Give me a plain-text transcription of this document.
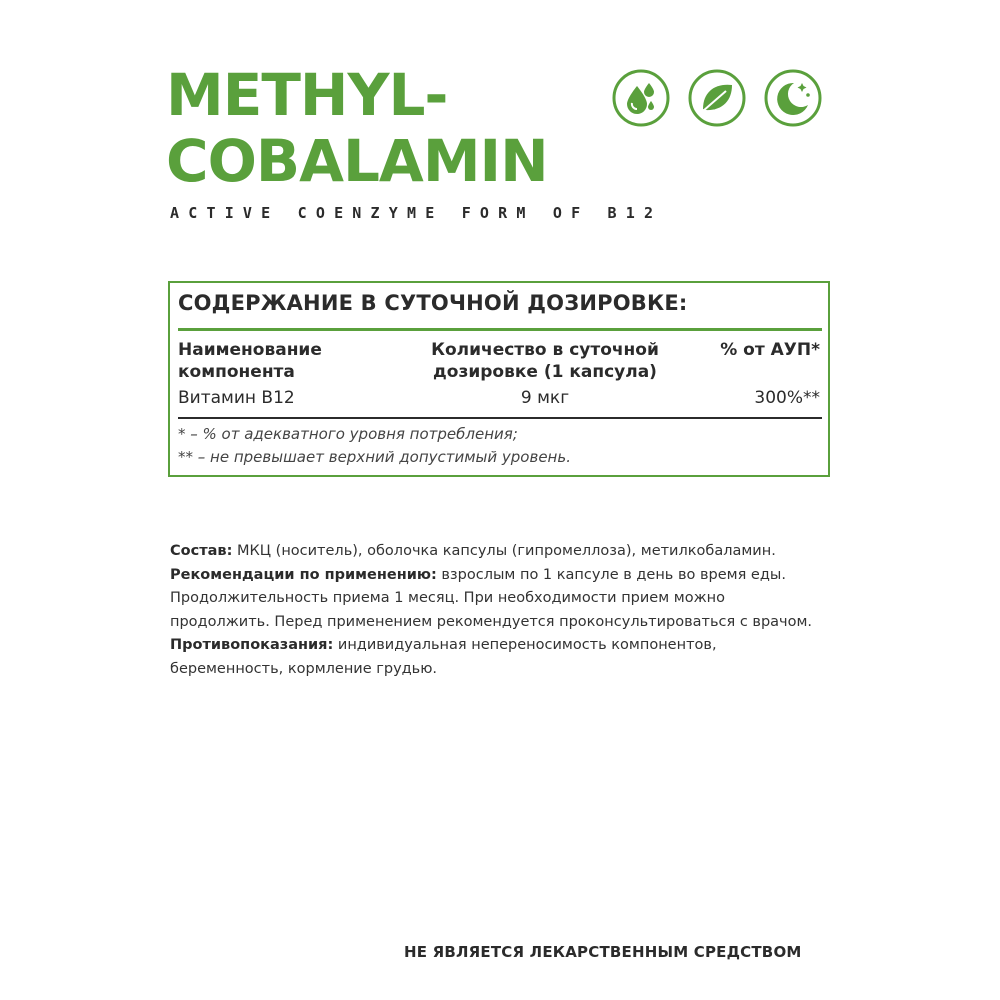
METHYL-
COBALAMIN

ACTIVE COENZYME FORM OF B12

СОДЕРЖАНИЕ В СУТОЧНОЙ ДОЗИРОВКЕ:

Наименование компонента

Количество в суточной дозировке (1 капсула)

% от АУП*

Витамин B12	9 мкг	300%**
* – % от адекватного уровня потребления;
** – не превышает верхний допустимый уровень.

Состав: МКЦ (носитель), оболочка капсулы (гипромеллоза), метилкобаламин.

Рекомендации по применению: взрослым по 1 капсуле в день во время еды. Продолжительность приема 1 месяц. При необходимости прием можно продолжить. Перед применением рекомендуется проконсультироваться с врачом.

Противопоказания: индивидуальная непереносимость компонентов, беременность, кормление грудью.

НЕ ЯВЛЯЕТСЯ ЛЕКАРСТВЕННЫМ СРЕДСТВОМ
